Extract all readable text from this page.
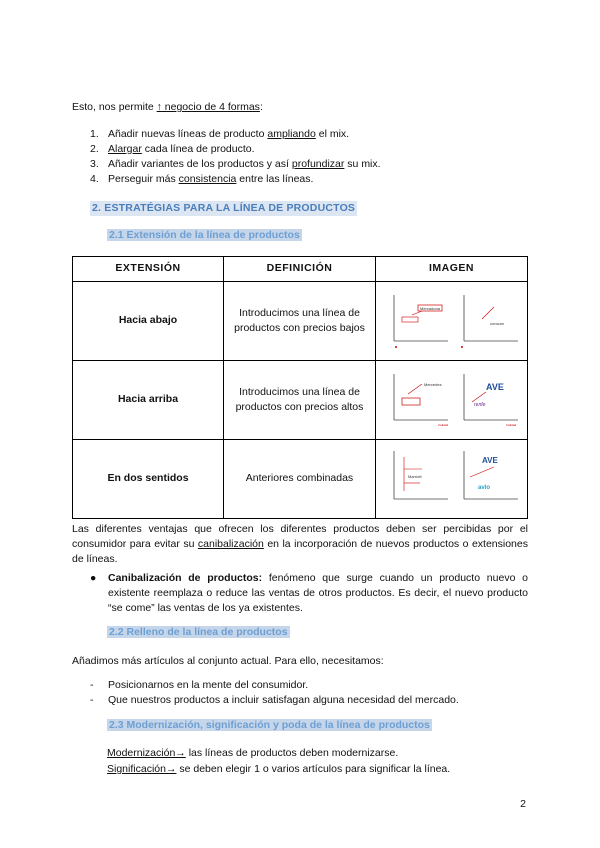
Esto, nos permite ↑ negocio de 4 formas:
1. Añadir nuevas líneas de producto ampliando el mix.
2. Alargar cada línea de producto.
3. Añadir variantes de los productos y así profundizar su mix.
4. Perseguir más consistencia entre las líneas.
2. ESTRATÉGIAS PARA LA LÍNEA DE PRODUCTOS
2.1 Extensión de la línea de productos
EXTENSIÓN	DEFINICIÓN	IMAGEN
Hacia abajo	Introducimos una línea de productos con precios bajos	Mercadona
consum

Hacia arriba	Introducimos una línea de productos con precios altos	AVE
Mercedes
renfe
Calidad Calidad

En dos sentidos	Anteriores combinadas	AVE
Marriott
avlo
Las diferentes ventajas que ofrecen los diferentes productos deben ser percibidas por el consumidor para evitar su canibalización en la incorporación de nuevos productos o extensiones de líneas.
●	Canibalización de productos: fenómeno que surge cuando un producto nuevo o existente reemplaza o reduce las ventas de otros productos. Es decir, el nuevo producto “se come” las ventas de los ya existentes.
2.2 Relleno de la línea de productos
Añadimos más artículos al conjunto actual. Para ello, necesitamos:
-	Posicionarnos en la mente del consumidor.
-	Que nuestros productos a incluir satisfagan alguna necesidad del mercado.
2.3 Modernización, significación y poda de la línea de productos
Modernización→ las líneas de productos deben modernizarse.
Significación→ se deben elegir 1 o varios artículos para significar la línea.
2
